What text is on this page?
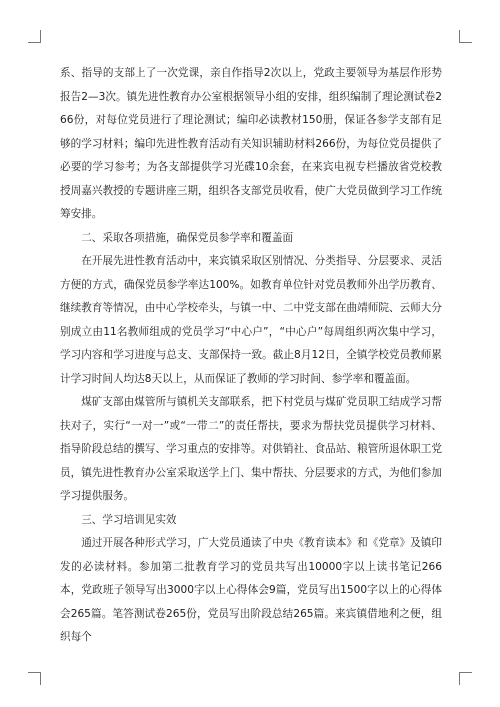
系、指导的支部上了一次党课，亲自作指导2次以上，党政主要领导为基层作形势报告2—3次。镇先进性教育办公室根据领导小组的安排，组织编制了理论测试卷266份，对每位党员进行了理论测试；编印必读教材150册，保证各参学支部有足够的学习材料；编印先进性教育活动有关知识辅助材料266份，为每位党员提供了必要的学习参考；为各支部提供学习光碟10余套，在来宾电视专栏播放省党校教授周嘉兴教授的专题讲座三期，组织各支部党员收看，使广大党员做到学习工作统筹安排。

二、采取各项措施，确保党员参学率和覆盖面

在开展先进性教育活动中，来宾镇采取区别情况、分类指导、分层要求、灵活方便的方式，确保党员参学率达100%。如教育单位针对党员教师外出学历教育、继续教育等情况，由中心学校牵头，与镇一中、二中党支部在曲靖师院、云师大分别成立由11名教师组成的党员学习“中心户”，“中心户”每周组织两次集中学习，学习内容和学习进度与总支、支部保持一致。截止8月12日，全镇学校党员教师累计学习时间人均达8天以上，从而保证了教师的学习时间、参学率和覆盖面。

煤矿支部由煤管所与镇机关支部联系，把下村党员与煤矿党员职工结成学习帮扶对子，实行“一对一”或“一带二”的责任帮扶，要求为帮扶党员提供学习材料、指导阶段总结的撰写、学习重点的安排等。对供销社、食品站、粮管所退休职工党员，镇先进性教育办公室采取送学上门、集中帮扶、分层要求的方式，为他们参加学习提供服务。

三、学习培训见实效

通过开展各种形式学习，广大党员通读了中央《教育读本》和《党章》及镇印发的必读材料。参加第二批教育学习的党员共写出10000字以上读书笔记266本，党政班子领导写出3000字以上心得体会9篇，党员写出1500字以上的心得体会265篇。笔答测试卷265份，党员写出阶段总结265篇。来宾镇借地利之便，组织每个
